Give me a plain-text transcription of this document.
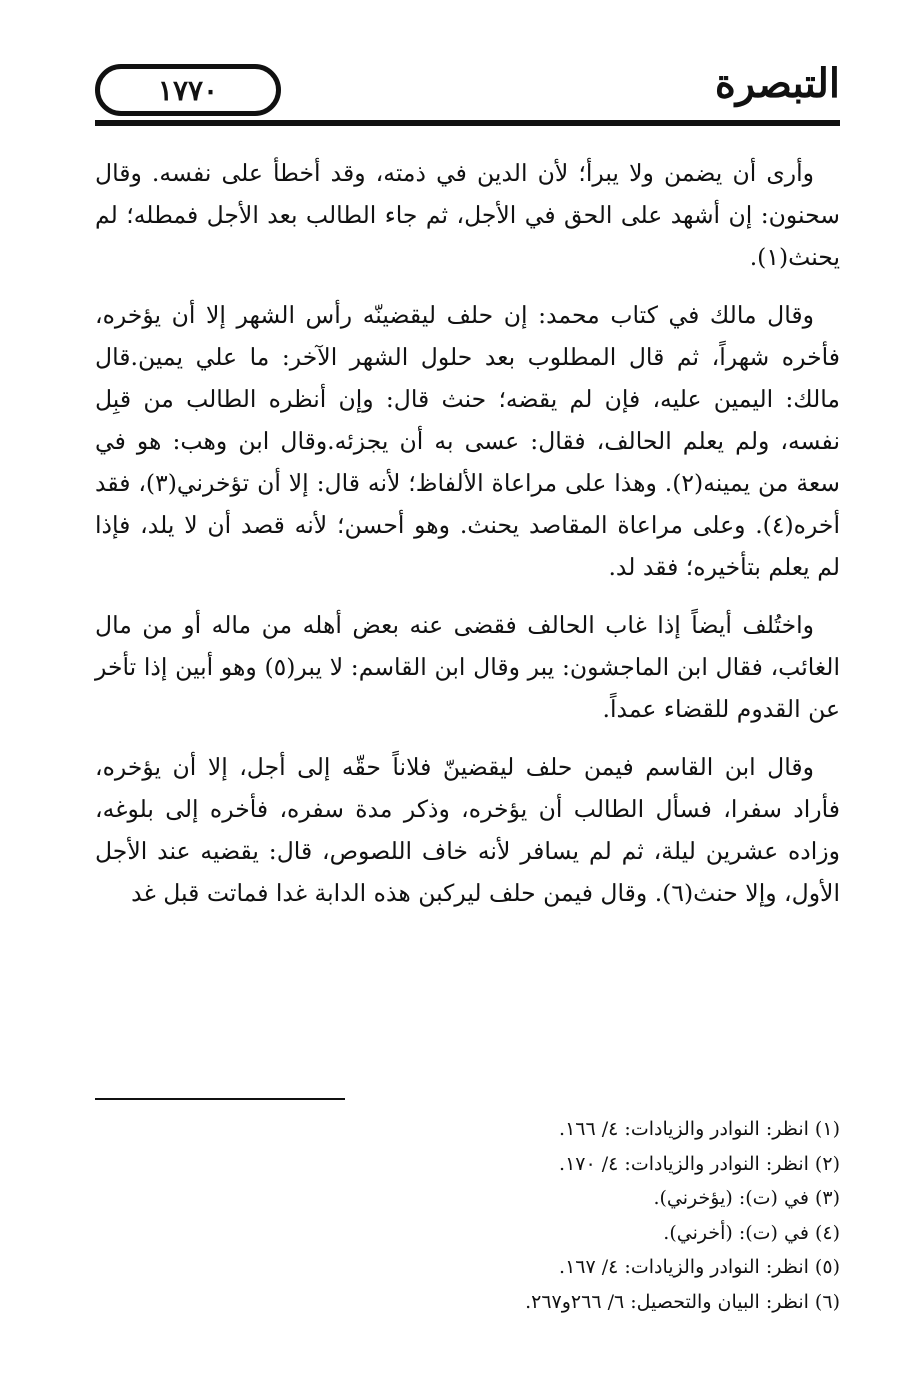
التبصرة
١٧٧٠

وأرى أن يضمن ولا يبرأ؛ لأن الدين في ذمته، وقد أخطأ على نفسه. وقال سحنون: إن أشهد على الحق في الأجل، ثم جاء الطالب بعد الأجل فمطله؛ لم يحنث(١).

وقال مالك في كتاب محمد: إن حلف ليقضينّه رأس الشهر إلا أن يؤخره، فأخره شهراً، ثم قال المطلوب بعد حلول الشهر الآخر: ما علي يمين.قال مالك: اليمين عليه، فإن لم يقضه؛ حنث قال: وإن أنظره الطالب من قبِل نفسه، ولم يعلم الحالف، فقال: عسى به أن يجزئه.وقال ابن وهب: هو في سعة من يمينه(٢). وهذا على مراعاة الألفاظ؛ لأنه قال: إلا أن تؤخرني(٣)، فقد أخره(٤). وعلى مراعاة المقاصد يحنث. وهو أحسن؛ لأنه قصد أن لا يلد، فإذا لم يعلم بتأخيره؛ فقد لد.

واختُلف أيضاً إذا غاب الحالف فقضى عنه بعض أهله من ماله أو من مال الغائب، فقال ابن الماجشون: يبر وقال ابن القاسم: لا يبر(٥) وهو أبين إذا تأخر عن القدوم للقضاء عمداً.

وقال ابن القاسم فيمن حلف ليقضينّ فلاناً حقّه إلى أجل، إلا أن يؤخره، فأراد سفرا، فسأل الطالب أن يؤخره، وذكر مدة سفره، فأخره إلى بلوغه، وزاده عشرين ليلة، ثم لم يسافر لأنه خاف اللصوص، قال: يقضيه عند الأجل الأول، وإلا حنث(٦). وقال فيمن حلف ليركبن هذه الدابة غدا فماتت قبل غد

(١) انظر: النوادر والزيادات: ٤/ ١٦٦.

(٢) انظر: النوادر والزيادات: ٤/ ١٧٠.

(٣) في (ت): (يؤخرني).

(٤) في (ت): (أخرني).

(٥) انظر: النوادر والزيادات: ٤/ ١٦٧.

(٦) انظر: البيان والتحصيل: ٦/ ٢٦٦و٢٦٧.
